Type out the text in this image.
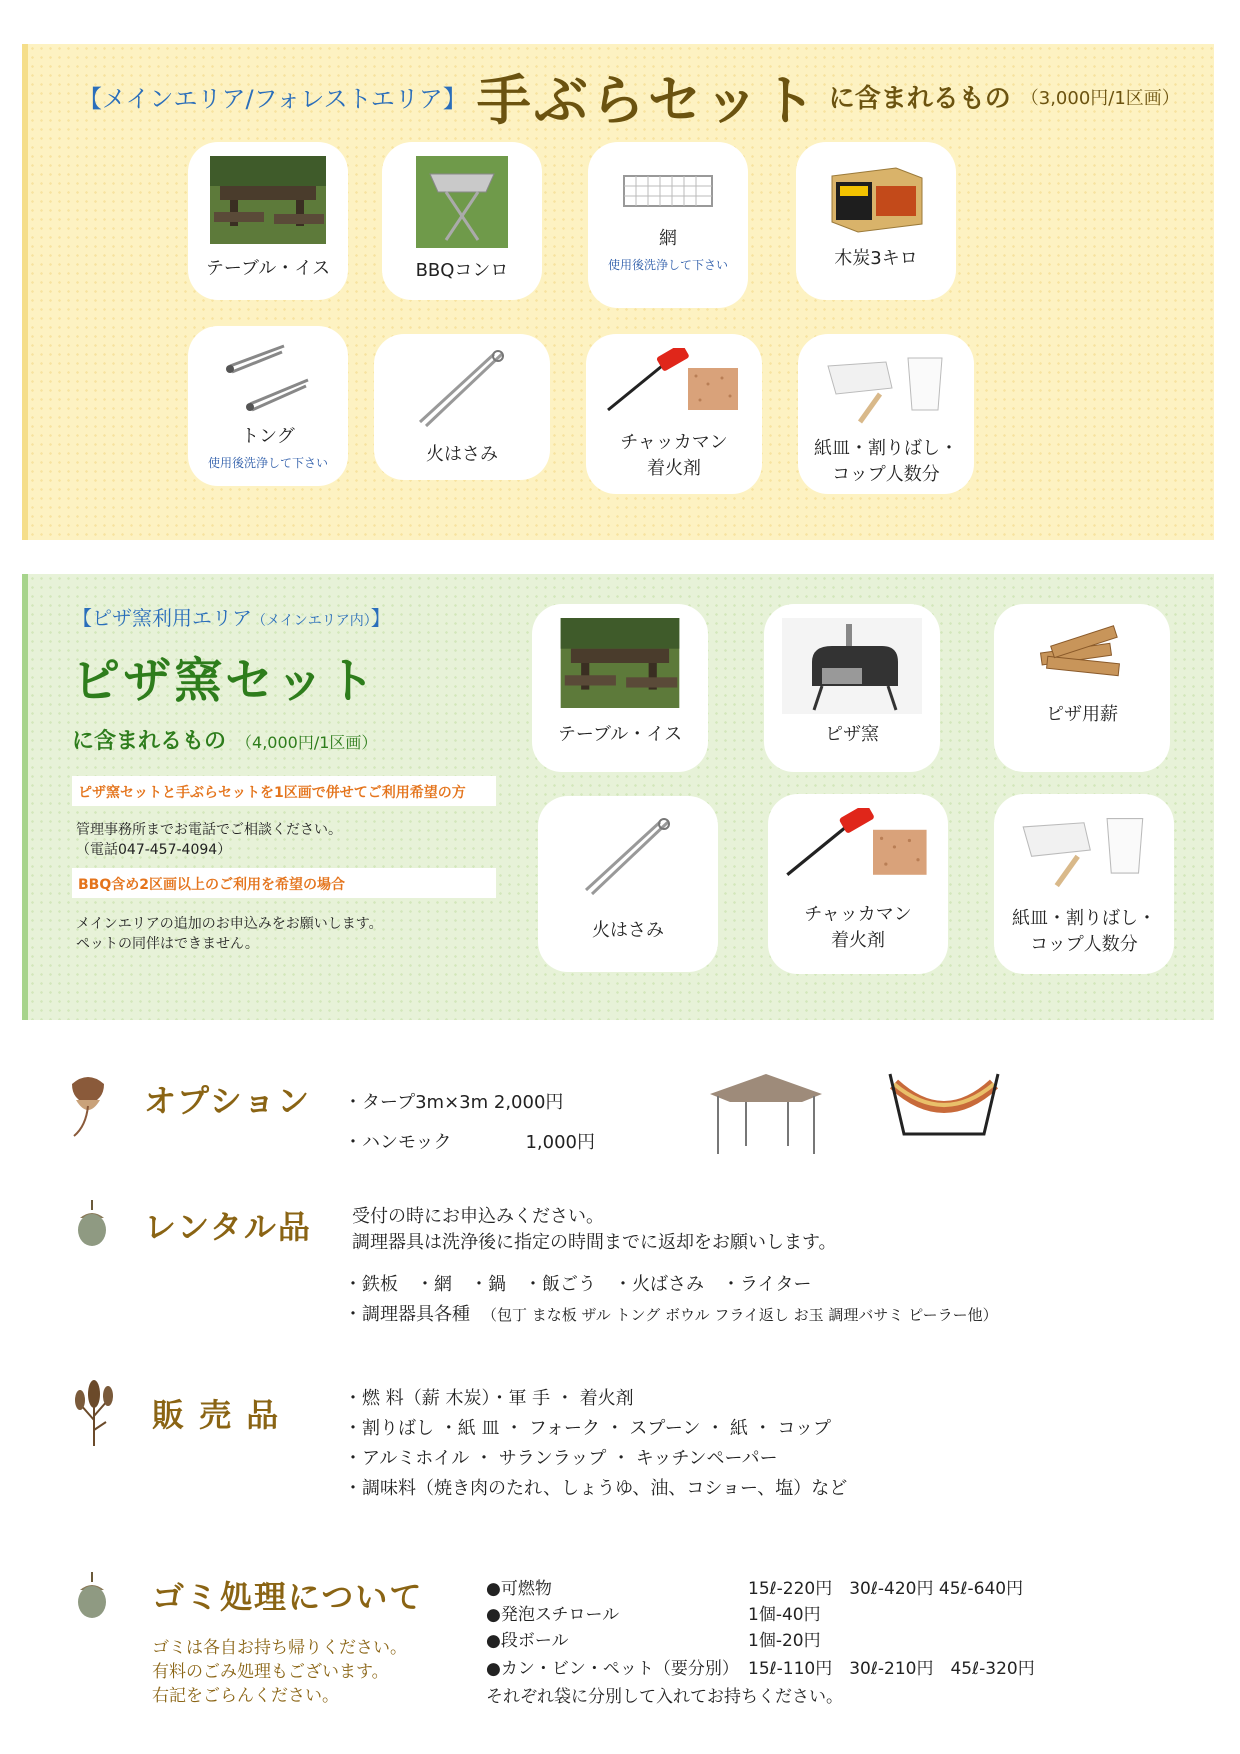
【メインエリア/フォレストエリア】 手ぶらセット に含まれるもの （3,000円/1区画）
テーブル・イス	BBQコンロ
網
使用後洗浄して下さい	木炭3キロ
トング
使用後洗浄して下さい	火はさみ
チャッカマン
着火剤
紙皿・割りばし・
コップ人数分
【ピザ窯利用エリア（メインエリア内）】
ピザ窯セット
に含まれるもの （4,000円/1区画）
ピザ窯セットと手ぶらセットを1区画で併せてご利用希望の方
管理事務所までお電話でご相談ください。
（電話047-457-4094）
BBQ含め2区画以上のご利用を希望の場合
メインエリアの追加のお申込みをお願いします。
ペットの同伴はできません。
テーブル・イス	ピザ窯
ピザ用薪
火はさみ
チャッカマン
着火剤
紙皿・割りばし・
コップ人数分
オプション ・タープ3m×3m 2,000円
・ハンモック	1,000円
レンタル品 受付の時にお申込みください。
調理器具は洗浄後に指定の時間までに返却をお願いします。
・鉄板　・網　・鍋　・飯ごう　・火ばさみ　・ライター
・調理器具各種 （包丁 まな板 ザル トング ボウル フライ返し お玉 調理バサミ ピーラー他）
販 売 品	・燃 料（薪 木炭）・軍 手 ・ 着火剤
・割りばし ・紙 皿 ・ フォーク ・ スプーン ・ 紙 ・ コップ
・アルミホイル ・ サランラップ ・ キッチンペーパー
・調味料（焼き肉のたれ、しょうゆ、油、コショー、塩）など
ゴミ処理について
ゴミは各自お持ち帰りください。
有料のごみ処理もございます。
右記をごらんください。
●可燃物	15ℓ-220円　30ℓ-420円 45ℓ-640円
●発泡スチロール	1個-40円
●段ボール	1個-20円
●カン・ビン・ペット（要分別） 15ℓ-110円　30ℓ-210円　45ℓ-320円
それぞれ袋に分別して入れてお持ちください。
